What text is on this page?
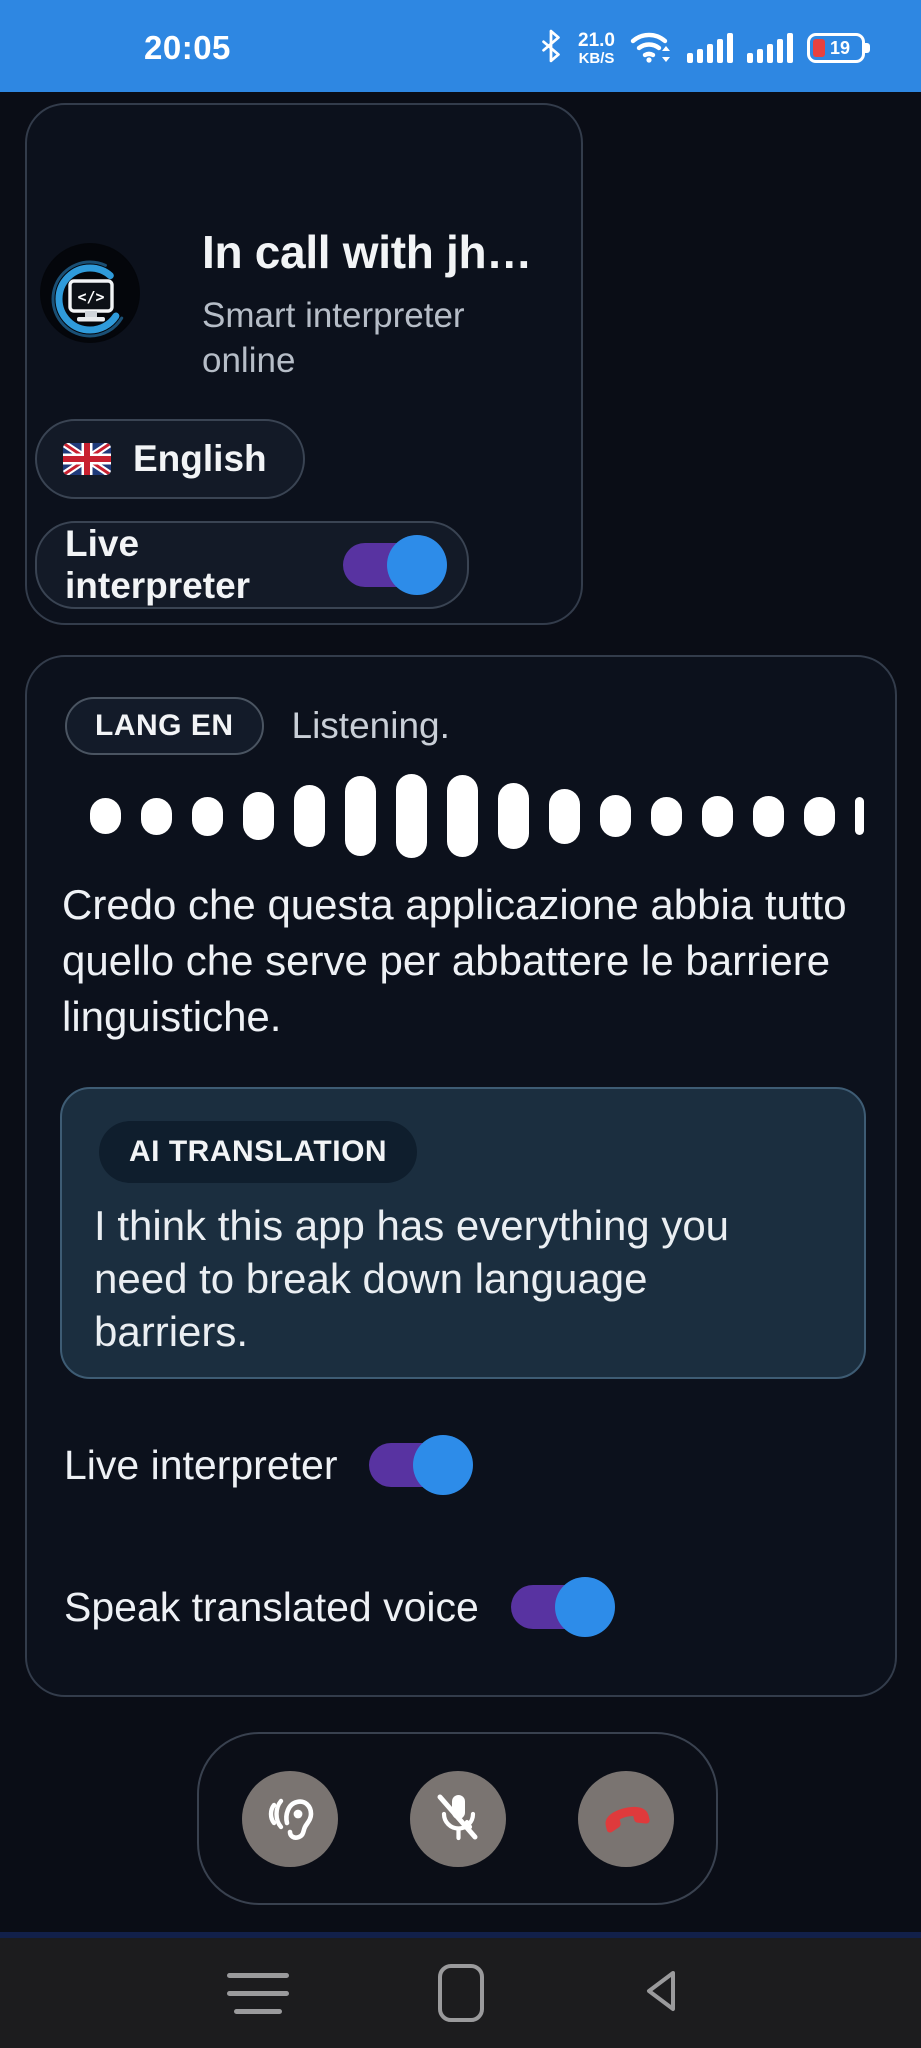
20:05	21.0
KB/S
19
</>
In call with jh…
Smart interpreter online
English
Live interpreter
LANG EN	Listening.
Credo che questa applicazione abbia tutto quello che serve per abbattere le barriere linguistiche.
AI TRANSLATION
I think this app has everything you need to break down language barriers.
Live interpreter
Speak translated voice
